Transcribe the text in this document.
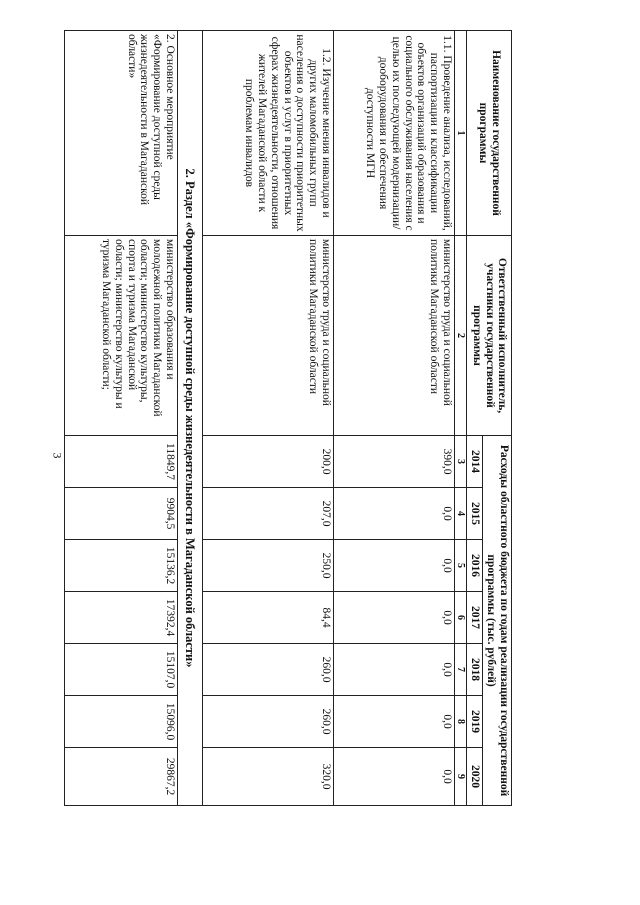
3
Наименование государственной программы	Ответственный исполнитель, участники государственной программы	Расходы областного бюджета по годам реализации государственной программы (тыс. рублей)						
		2014	2015	2016	2017	2018	2019	2020
1	2	3	4	5	6	7	8	9
1.1. Проведение анализа, исследований, паспортизации и классификации объектов организаций образования и социального обслуживания населения с целью их последующей модернизации/дооборудования и обеспечения доступности МГН	министерство труда и социальной политики Магаданской области	390,0	0,0	0,0	0,0	0,0	0,0	0,0
1.2. Изучение мнения инвалидов и других маломобильных групп населения о доступности приоритетных объектов и услуг в приоритетных сферах жизнедеятельности, отношения жителей Магаданской области к проблемам инвалидов	министерство труда и социальной политики Магаданской области	200,0	207,0	250,0	84,4	260,0	260,0	320,0
2. Раздел «Формирование доступной среды жизнедеятельности в Магаданской области»								
2. Основное мероприятие «Формирование доступной среды жизнедеятельности в Магаданской области»	министерство образования и молодежной политики Магаданской области; министерство культуры, спорта и туризма Магаданской области; министерство культуры и туризма Магаданской области;	11849,7	9904,5	15136,2	17392,4	15107,0	15096,0	29867,2
